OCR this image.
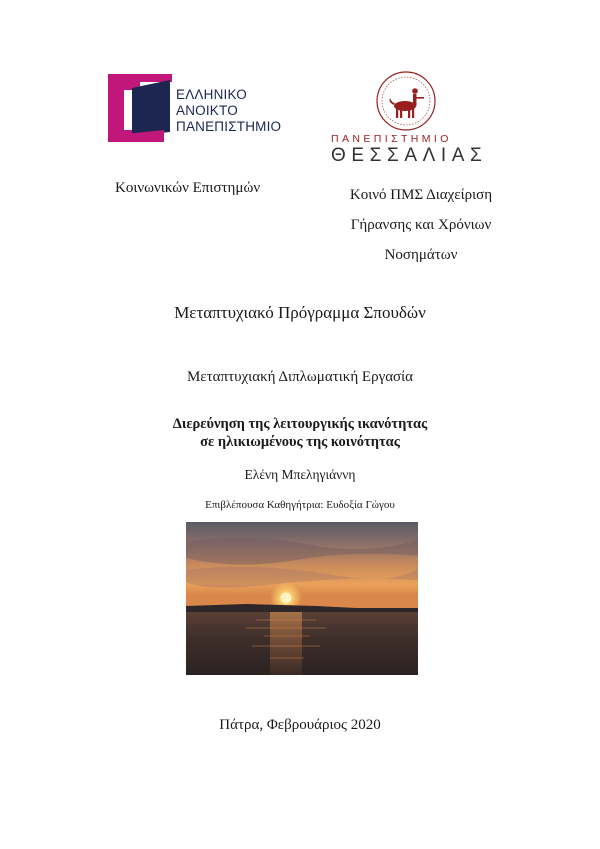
ΕΛΛΗΝΙΚΟ
ΑΝΟΙΚΤΟ
ΠΑΝΕΠΙΣΤΗΜΙΟ
ΠΑΝΕΠΙΣΤΗΜΙΟ
ΘΕΣΣΑΛΙΑΣ
Κοινωνικών Επιστημών	Κοινό ΠΜΣ Διαχείριση
Γήρανσης και Χρόνιων
Νοσημάτων
Μεταπτυχιακό Πρόγραμμα Σπουδών
Μεταπτυχιακή Διπλωματική Εργασία
Διερεύνηση της λειτουργικής ικανότητας
σε ηλικιωμένους της κοινότητας
Ελένη Μπεληγιάννη
Επιβλέπουσα Καθηγήτρια: Ευδοξία Γώγου
Πάτρα, Φεβρουάριος 2020
